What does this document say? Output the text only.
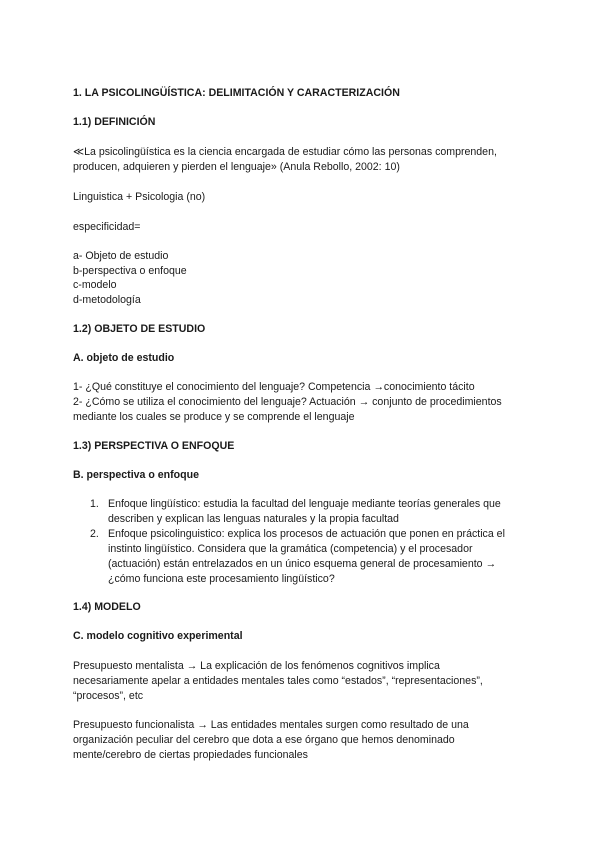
1. LA PSICOLINGÜÍSTICA: DELIMITACIÓN Y CARACTERIZACIÓN
1.1) DEFINICIÓN
≪La psicolingüística es la ciencia encargada de estudiar cómo las personas comprenden,
producen, adquieren y pierden el lenguaje» (Anula Rebollo, 2002: 10)
Linguistica + Psicologia (no)
especificidad=
a- Objeto de estudio
b-perspectiva o enfoque
c-modelo
d-metodología
1.2) OBJETO DE ESTUDIO
A. objeto de estudio
1- ¿Qué constituye el conocimiento del lenguaje? Competencia →conocimiento tácito
2- ¿Cómo se utiliza el conocimiento del lenguaje? Actuación → conjunto de procedimientos
mediante los cuales se produce y se comprende el lenguaje
1.3) PERSPECTIVA O ENFOQUE
B. perspectiva o enfoque
1. Enfoque lingüístico: estudia la facultad del lenguaje mediante teorías generales que
describen y explican las lenguas naturales y la propia facultad
2. Enfoque psicolinguistico: explica los procesos de actuación que ponen en práctica el
instinto lingüístico. Considera que la gramática (competencia) y el procesador
(actuación) están entrelazados en un único esquema general de procesamiento →
¿cómo funciona este procesamiento lingüístico?
1.4) MODELO
C. modelo cognitivo experimental
Presupuesto mentalista → La explicación de los fenómenos cognitivos implica
necesariamente apelar a entidades mentales tales como “estados”, “representaciones”,
“procesos”, etc
Presupuesto funcionalista → Las entidades mentales surgen como resultado de una
organización peculiar del cerebro que dota a ese órgano que hemos denominado
mente/cerebro de ciertas propiedades funcionales
